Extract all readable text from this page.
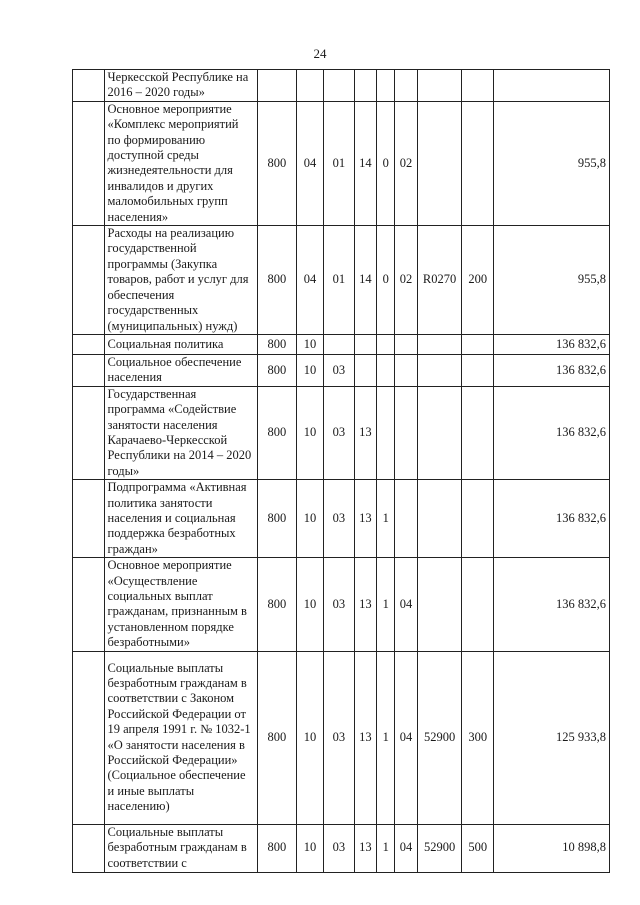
24
	Черкесской Республике на 2016 – 2020 годы»									
	Основное мероприятие «Комплекс мероприятий по формированию доступной среды жизнедеятельности для инвалидов и других маломобильных групп населения»	800	04	01	14	0	02			955,8
	Расходы на реализацию государственной программы (Закупка товаров, работ и услуг для обеспечения государственных (муниципальных) нужд)	800	04	01	14	0	02	R0270	200	955,8
	Социальная политика	800	10							136 832,6
	Социальное обеспечение населения	800	10	03						136 832,6
	Государственная программа «Содействие занятости населения Карачаево-Черкесской Республики на 2014 – 2020 годы»	800	10	03	13					136 832,6
	Подпрограмма «Активная политика занятости населения и социальная поддержка безработных граждан»	800	10	03	13	1				136 832,6
	Основное мероприятие «Осуществление социальных выплат гражданам, признанным в установленном порядке безработными»	800	10	03	13	1	04			136 832,6
	Социальные выплаты безработным гражданам в соответствии с Законом Российской Федерации от 19 апреля 1991 г. № 1032-1 «О занятости населения в Российской Федерации» (Социальное обеспечение и иные выплаты населению)	800	10	03	13	1	04	52900	300	125 933,8
	Социальные выплаты безработным гражданам в соответствии с	800	10	03	13	1	04	52900	500	10 898,8
